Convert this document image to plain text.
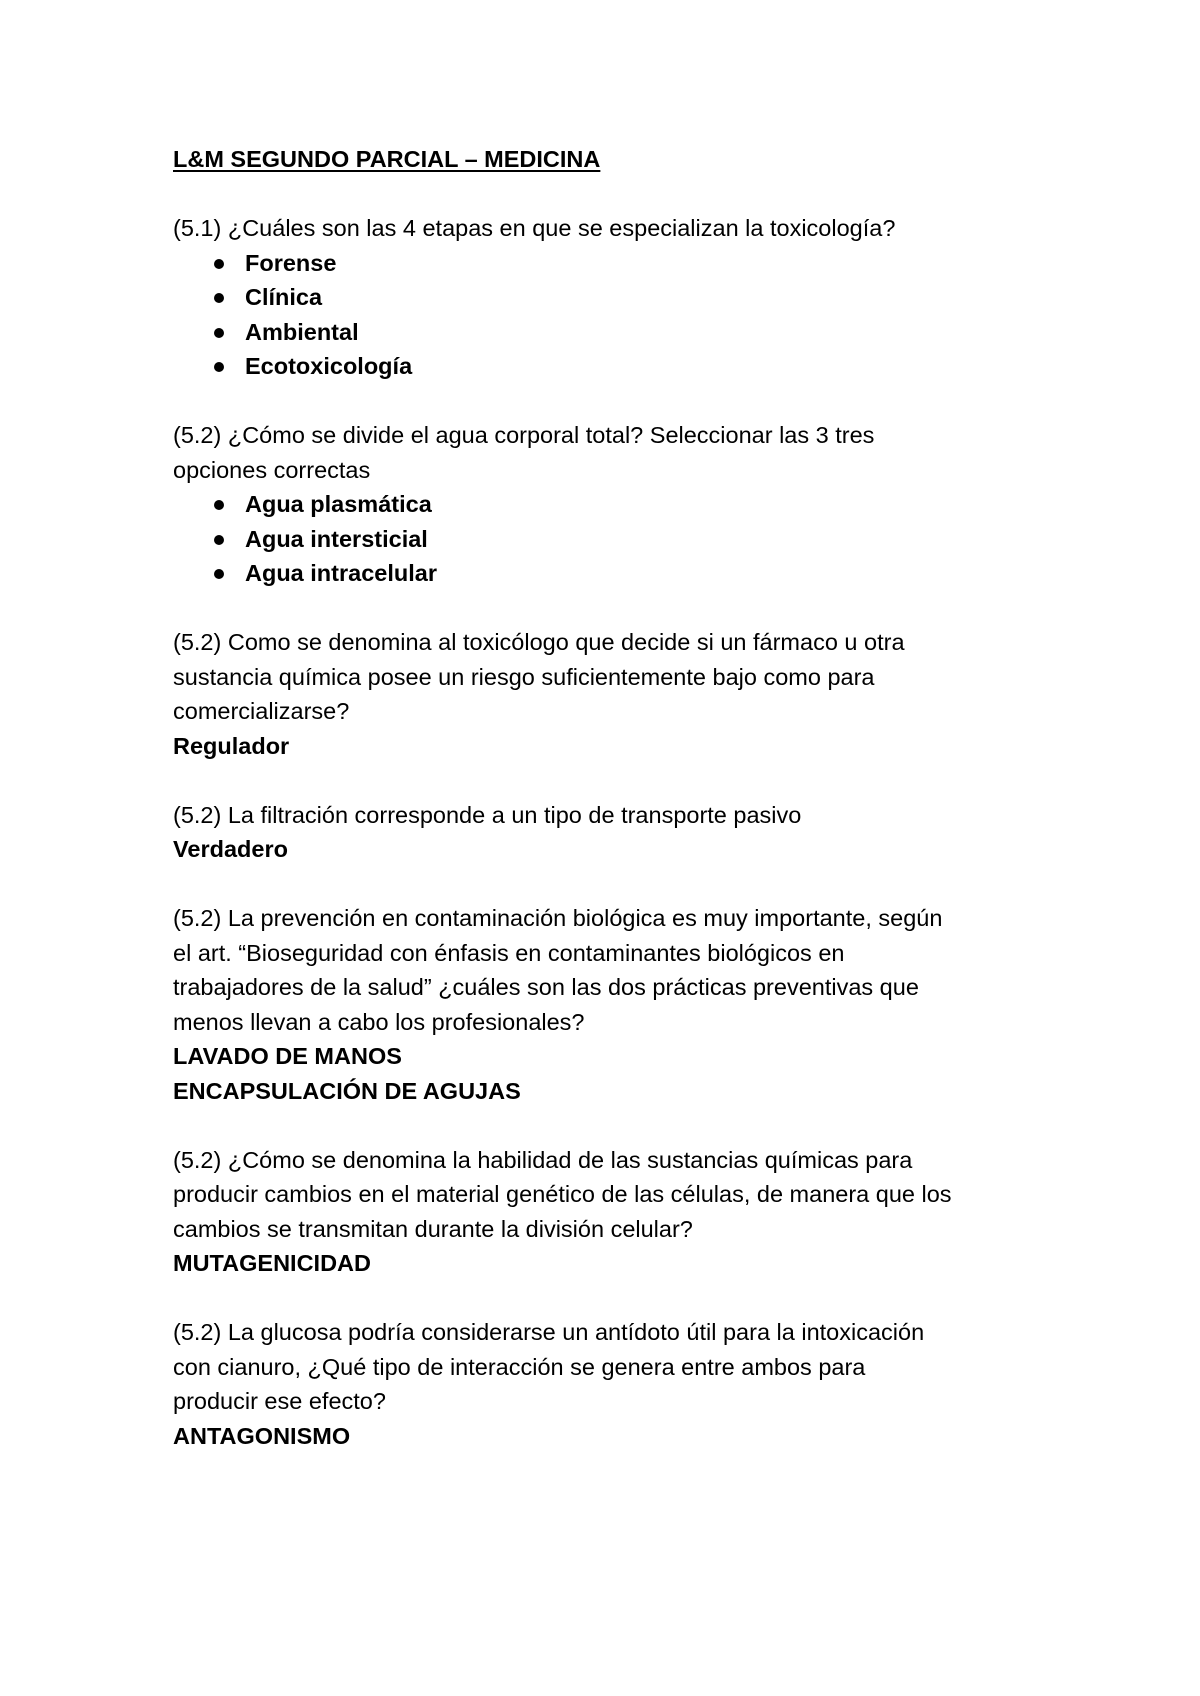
L&M SEGUNDO PARCIAL – MEDICINA

(5.1) ¿Cuáles son las 4 etapas en que se especializan la toxicología?

Forense
Clínica
Ambiental
Ecotoxicología

(5.2) ¿Cómo se divide el agua corporal total? Seleccionar las 3 tres
opciones correctas

Agua plasmática
Agua intersticial
Agua intracelular

(5.2) Como se denomina al toxicólogo que decide si un fármaco u otra
sustancia química posee un riesgo suficientemente bajo como para
comercializarse?

Regulador

(5.2) La filtración corresponde a un tipo de transporte pasivo

Verdadero

(5.2) La prevención en contaminación biológica es muy importante, según
el art. “Bioseguridad con énfasis en contaminantes biológicos en
trabajadores de la salud” ¿cuáles son las dos prácticas preventivas que
menos llevan a cabo los profesionales?

LAVADO DE MANOS

ENCAPSULACIÓN DE AGUJAS

(5.2) ¿Cómo se denomina la habilidad de las sustancias químicas para
producir cambios en el material genético de las células, de manera que los
cambios se transmitan durante la división celular?

MUTAGENICIDAD

(5.2) La glucosa podría considerarse un antídoto útil para la intoxicación
con cianuro, ¿Qué tipo de interacción se genera entre ambos para
producir ese efecto?

ANTAGONISMO
